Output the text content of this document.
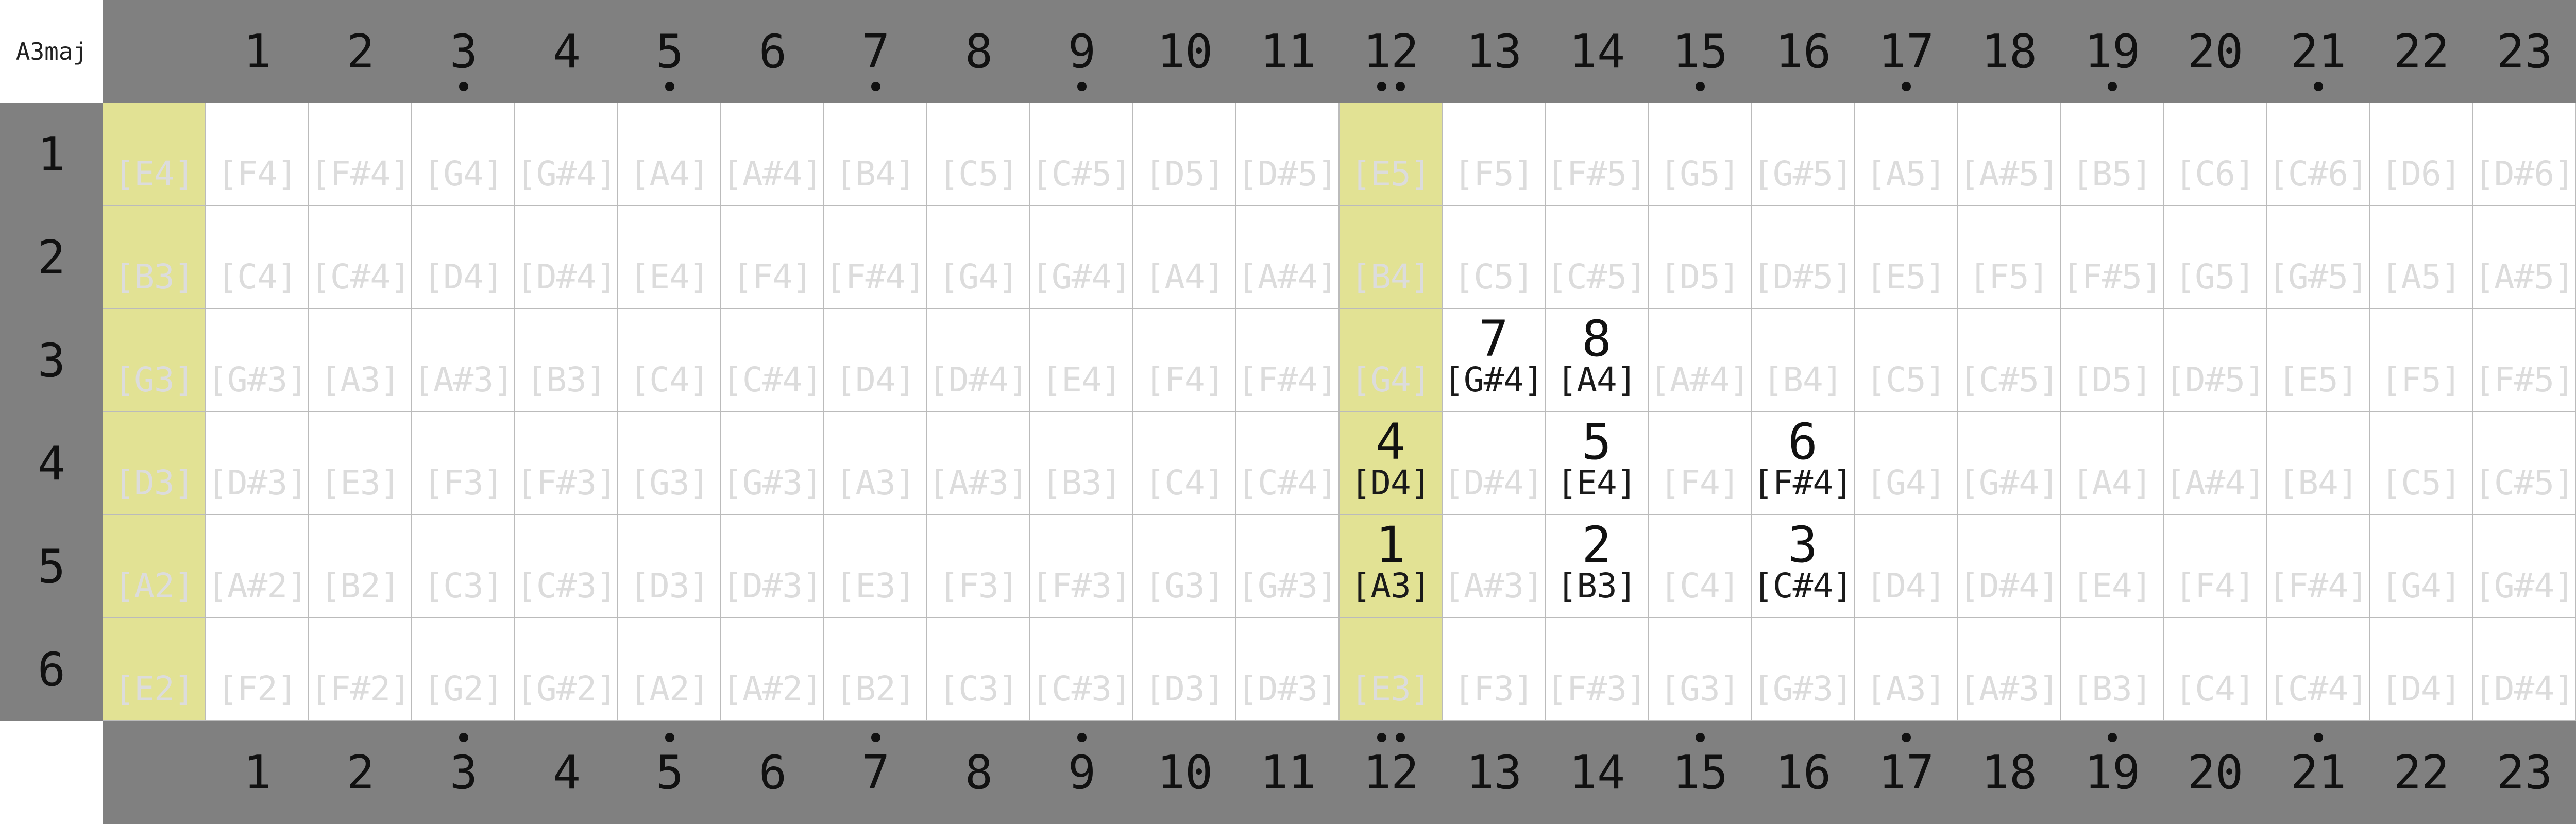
A3maj	1
1
2
2
3
3
4
4
5
5
6
6
7
7
8
8
9
9
10
10
11
11
12
12
13
13
14
14
15
15
16
16
17
17
18
18
19
19
20
20
21
21
22
22
23
23
1
2
3
4
5
6
[E4] [F4] [F#4] [G4] [G#4] [A4] [A#4] [B4] [C5] [C#5] [D5] [D#5] [E5] [F5] [F#5] [G5] [G#5] [A5] [A#5] [B5] [C6] [C#6] [D6] [D#6]
[B3] [C4] [C#4] [D4] [D#4] [E4] [F4] [F#4] [G4] [G#4] [A4] [A#4] [B4] [C5] [C#5] [D5] [D#5] [E5] [F5] [F#5] [G5] [G#5] [A5] [A#5]
[G3] [G#3] [A3] [A#3] [B3] [C4] [C#4] [D4] [D#4] [E4] [F4] [F#4] [G4]
7
[G#4]
8
[A4] [A#4] [B4] [C5] [C#5] [D5] [D#5] [E5] [F5] [F#5]
[D3] [D#3] [E3] [F3] [F#3] [G3] [G#3] [A3] [A#3] [B3] [C4] [C#4]
4
[D4] [D#4]
5
[E4] [F4]
6
[F#4] [G4] [G#4] [A4] [A#4] [B4] [C5] [C#5]
[A2] [A#2] [B2] [C3] [C#3] [D3] [D#3] [E3] [F3] [F#3] [G3] [G#3]
1
[A3] [A#3]
2
[B3] [C4]
3
[C#4] [D4] [D#4] [E4] [F4] [F#4] [G4] [G#4]
[E2] [F2] [F#2] [G2] [G#2] [A2] [A#2] [B2] [C3] [C#3] [D3] [D#3] [E3] [F3] [F#3] [G3] [G#3] [A3] [A#3] [B3] [C4] [C#4] [D4] [D#4]
